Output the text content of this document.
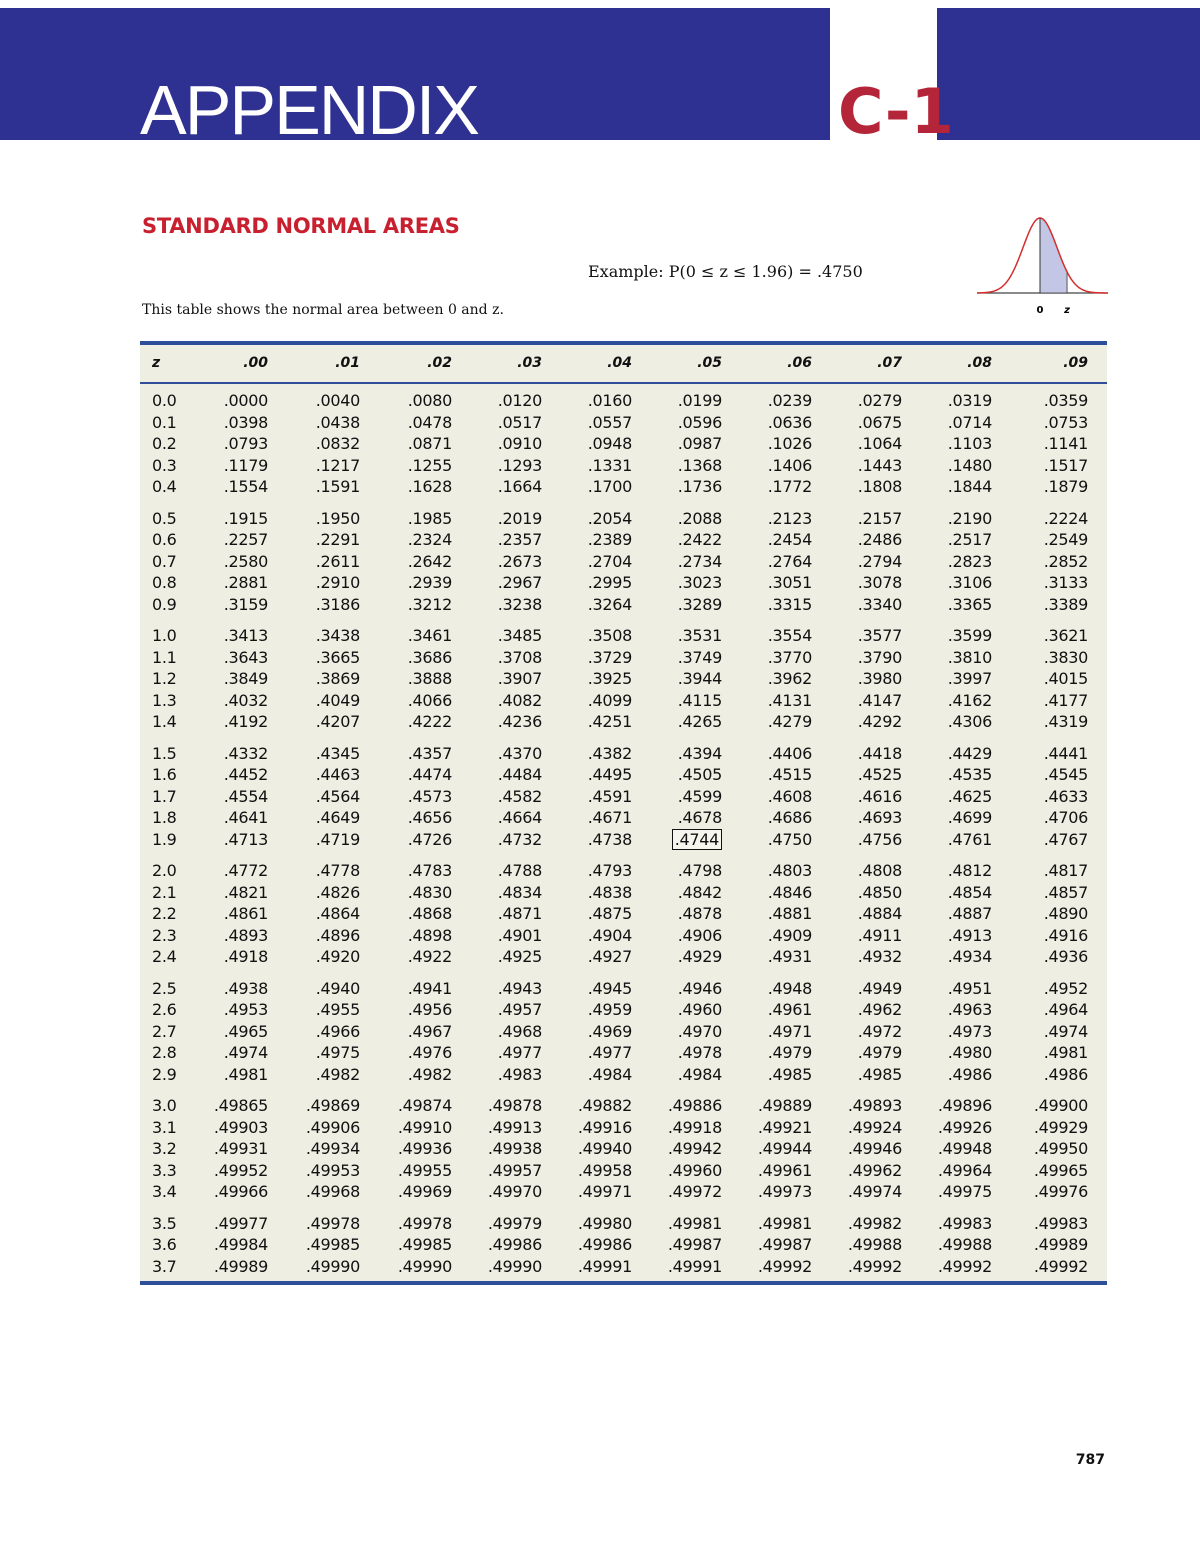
APPENDIX	C-1
STANDARD NORMAL AREAS
Example: P(0 ≤ z ≤ 1.96) = .4750
This table shows the normal area between 0 and z.	0 z
z	.00	.01	.02	.03	.04	.05	.06	.07	.08	.09
0.0	.0000	.0040	.0080	.0120	.0160	.0199	.0239	.0279	.0319	.0359
0.1	.0398	.0438	.0478	.0517	.0557	.0596	.0636	.0675	.0714	.0753
0.2	.0793	.0832	.0871	.0910	.0948	.0987	.1026	.1064	.1103	.1141
0.3	.1179	.1217	.1255	.1293	.1331	.1368	.1406	.1443	.1480	.1517
0.4	.1554	.1591	.1628	.1664	.1700	.1736	.1772	.1808	.1844	.1879
0.5	.1915	.1950	.1985	.2019	.2054	.2088	.2123	.2157	.2190	.2224
0.6	.2257	.2291	.2324	.2357	.2389	.2422	.2454	.2486	.2517	.2549
0.7	.2580	.2611	.2642	.2673	.2704	.2734	.2764	.2794	.2823	.2852
0.8	.2881	.2910	.2939	.2967	.2995	.3023	.3051	.3078	.3106	.3133
0.9	.3159	.3186	.3212	.3238	.3264	.3289	.3315	.3340	.3365	.3389
1.0	.3413	.3438	.3461	.3485	.3508	.3531	.3554	.3577	.3599	.3621
1.1	.3643	.3665	.3686	.3708	.3729	.3749	.3770	.3790	.3810	.3830
1.2	.3849	.3869	.3888	.3907	.3925	.3944	.3962	.3980	.3997	.4015
1.3	.4032	.4049	.4066	.4082	.4099	.4115	.4131	.4147	.4162	.4177
1.4	.4192	.4207	.4222	.4236	.4251	.4265	.4279	.4292	.4306	.4319
1.5	.4332	.4345	.4357	.4370	.4382	.4394	.4406	.4418	.4429	.4441
1.6	.4452	.4463	.4474	.4484	.4495	.4505	.4515	.4525	.4535	.4545
1.7	.4554	.4564	.4573	.4582	.4591	.4599	.4608	.4616	.4625	.4633
1.8	.4641	.4649	.4656	.4664	.4671	.4678	.4686	.4693	.4699	.4706
1.9	.4713	.4719	.4726	.4732	.4738	.4744	.4750	.4756	.4761	.4767
2.0	.4772	.4778	.4783	.4788	.4793	.4798	.4803	.4808	.4812	.4817
2.1	.4821	.4826	.4830	.4834	.4838	.4842	.4846	.4850	.4854	.4857
2.2	.4861	.4864	.4868	.4871	.4875	.4878	.4881	.4884	.4887	.4890
2.3	.4893	.4896	.4898	.4901	.4904	.4906	.4909	.4911	.4913	.4916
2.4	.4918	.4920	.4922	.4925	.4927	.4929	.4931	.4932	.4934	.4936
2.5	.4938	.4940	.4941	.4943	.4945	.4946	.4948	.4949	.4951	.4952
2.6	.4953	.4955	.4956	.4957	.4959	.4960	.4961	.4962	.4963	.4964
2.7	.4965	.4966	.4967	.4968	.4969	.4970	.4971	.4972	.4973	.4974
2.8	.4974	.4975	.4976	.4977	.4977	.4978	.4979	.4979	.4980	.4981
2.9	.4981	.4982	.4982	.4983	.4984	.4984	.4985	.4985	.4986	.4986
3.0	.49865	.49869	.49874	.49878	.49882	.49886	.49889	.49893	.49896	.49900
3.1	.49903	.49906	.49910	.49913	.49916	.49918	.49921	.49924	.49926	.49929
3.2	.49931	.49934	.49936	.49938	.49940	.49942	.49944	.49946	.49948	.49950
3.3	.49952	.49953	.49955	.49957	.49958	.49960	.49961	.49962	.49964	.49965
3.4	.49966	.49968	.49969	.49970	.49971	.49972	.49973	.49974	.49975	.49976
3.5	.49977	.49978	.49978	.49979	.49980	.49981	.49981	.49982	.49983	.49983
3.6	.49984	.49985	.49985	.49986	.49986	.49987	.49987	.49988	.49988	.49989
3.7	.49989	.49990	.49990	.49990	.49991	.49991	.49992	.49992	.49992	.49992
787
